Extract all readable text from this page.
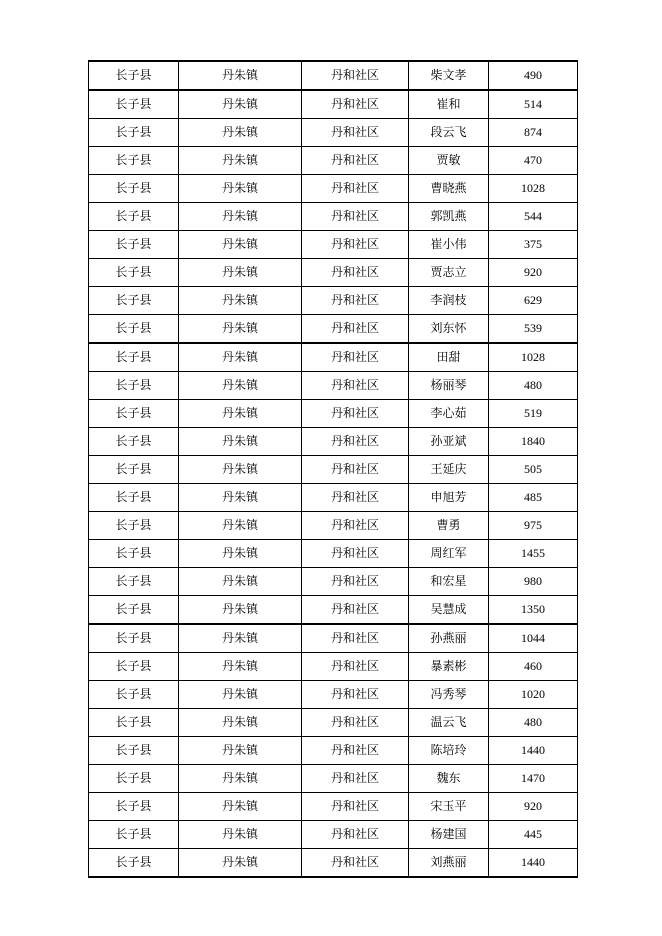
长子县	丹朱镇	丹和社区	柴文孝	490
长子县	丹朱镇	丹和社区	崔和	514
长子县	丹朱镇	丹和社区	段云飞	874
长子县	丹朱镇	丹和社区	贾敏	470
长子县	丹朱镇	丹和社区	曹晓燕	1028
长子县	丹朱镇	丹和社区	郭凯燕	544
长子县	丹朱镇	丹和社区	崔小伟	375
长子县	丹朱镇	丹和社区	贾志立	920
长子县	丹朱镇	丹和社区	李润枝	629
长子县	丹朱镇	丹和社区	刘东怀	539
长子县	丹朱镇	丹和社区	田甜	1028
长子县	丹朱镇	丹和社区	杨丽琴	480
长子县	丹朱镇	丹和社区	李心茹	519
长子县	丹朱镇	丹和社区	孙亚斌	1840
长子县	丹朱镇	丹和社区	王延庆	505
长子县	丹朱镇	丹和社区	申旭芳	485
长子县	丹朱镇	丹和社区	曹勇	975
长子县	丹朱镇	丹和社区	周红军	1455
长子县	丹朱镇	丹和社区	和宏星	980
长子县	丹朱镇	丹和社区	吴慧成	1350
长子县	丹朱镇	丹和社区	孙燕丽	1044
长子县	丹朱镇	丹和社区	暴素彬	460
长子县	丹朱镇	丹和社区	冯秀琴	1020
长子县	丹朱镇	丹和社区	温云飞	480
长子县	丹朱镇	丹和社区	陈培玲	1440
长子县	丹朱镇	丹和社区	魏东	1470
长子县	丹朱镇	丹和社区	宋玉平	920
长子县	丹朱镇	丹和社区	杨建国	445
长子县	丹朱镇	丹和社区	刘燕丽	1440
